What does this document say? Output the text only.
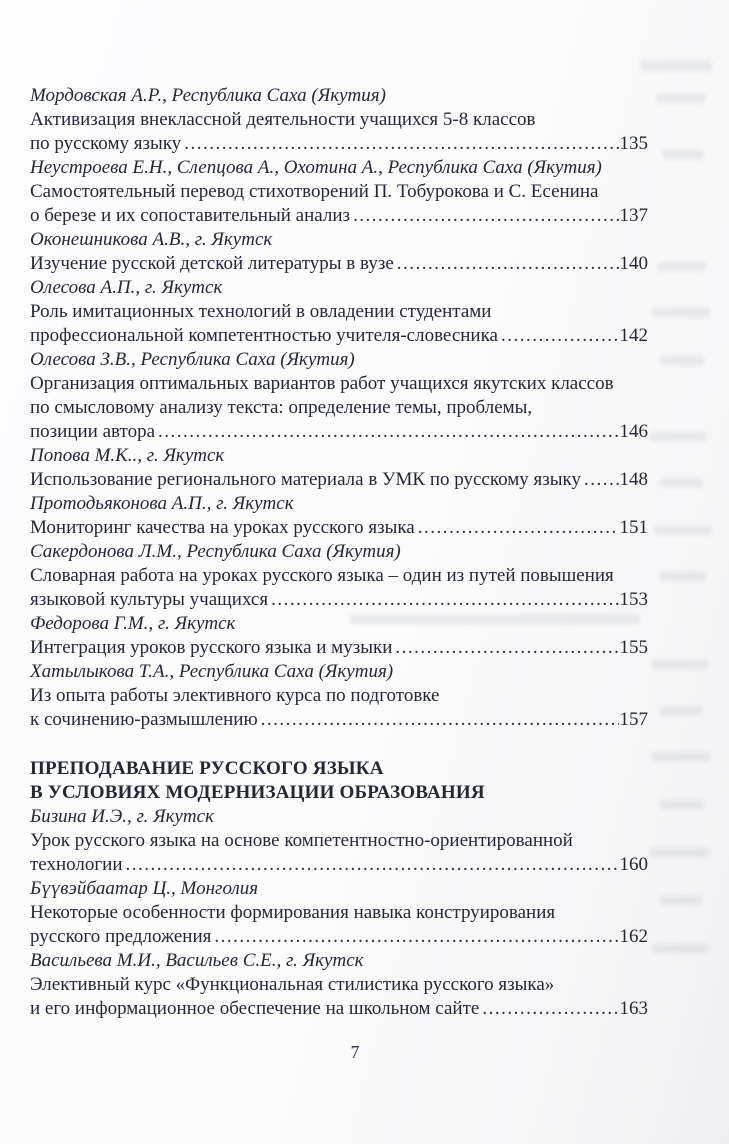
Мордовская А.Р., Республика Саха (Якутия)
Активизация внеклассной деятельности учащихся 5-8 классов
по русскому языку .....	135
Неустроева Е.Н., Слепцова А., Охотина А., Республика Саха (Якутия)
Самостоятельный перевод стихотворений П. Тобурокова и С. Есенина
о березе и их сопоставительный анализ .....	137
Оконешникова А.В., г. Якутск
Изучение русской детской литературы в вузе .....	140
Олесова А.П., г. Якутск
Роль имитационных технологий в овладении студентами
профессиональной компетентностью учителя-словесника .....	142
Олесова З.В., Республика Саха (Якутия)
Организация оптимальных вариантов работ учащихся якутских классов
по смысловому анализу текста: определение темы, проблемы,
позиции автора .....	146
Попова М.К.., г. Якутск
Использование регионального материала в УМК по русскому языку ..... 148
Протодьяконова А.П., г. Якутск
Мониторинг качества на уроках русского языка .....	151
Сакердонова Л.М., Республика Саха (Якутия)
Словарная работа на уроках русского языка – один из путей повышения
языковой культуры учащихся .....	153
Федорова Г.М., г. Якутск
Интеграция уроков русского языка и музыки .....	155
Хатылыкова Т.А., Республика Саха (Якутия)
Из опыта работы элективного курса по подготовке
к сочинению-размышлению .....	157
ПРЕПОДАВАНИЕ РУССКОГО ЯЗЫКА
В УСЛОВИЯХ МОДЕРНИЗАЦИИ ОБРАЗОВАНИЯ
Бизина И.Э., г. Якутск
Урок русского языка на основе компетентностно-ориентированной
технологии .....	160
Бүүвэйбаатар Ц., Монголия
Некоторые особенности формирования навыка конструирования
русского предложения .....	162
Васильева М.И., Васильев С.Е., г. Якутск
Элективный курс «Функциональная стилистика русского языка»
и его информационное обеспечение на школьном сайте .....	163
7
